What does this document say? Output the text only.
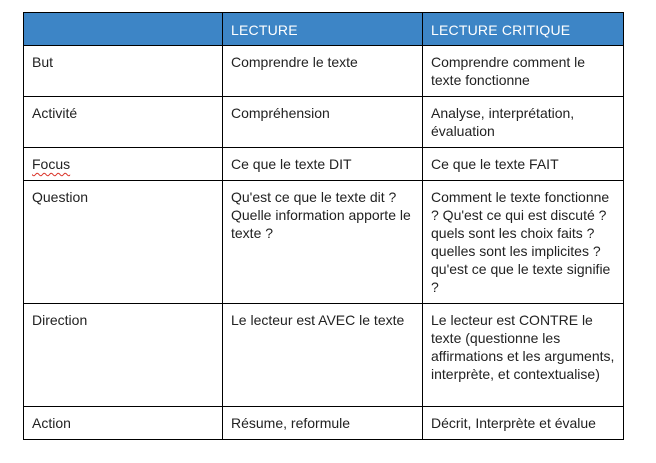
	LECTURE	LECTURE CRITIQUE
But	Comprendre le texte	Comprendre comment le texte fonctionne
Activité	Compréhension	Analyse, interprétation, évaluation
Focus	Ce que le texte DIT	Ce que le texte FAIT
Question	Qu'est ce que le texte dit ? Quelle information apporte le texte ?	Comment le texte fonctionne ? Qu'est ce qui est discuté ? quels sont les choix faits ? quelles sont les implicites ? qu'est ce que le texte signifie ?
Direction	Le lecteur est AVEC le texte	Le lecteur est CONTRE le texte (questionne les affirmations et les arguments, interprète, et contextualise)
Action	Résume, reformule	Décrit, Interprète et évalue
